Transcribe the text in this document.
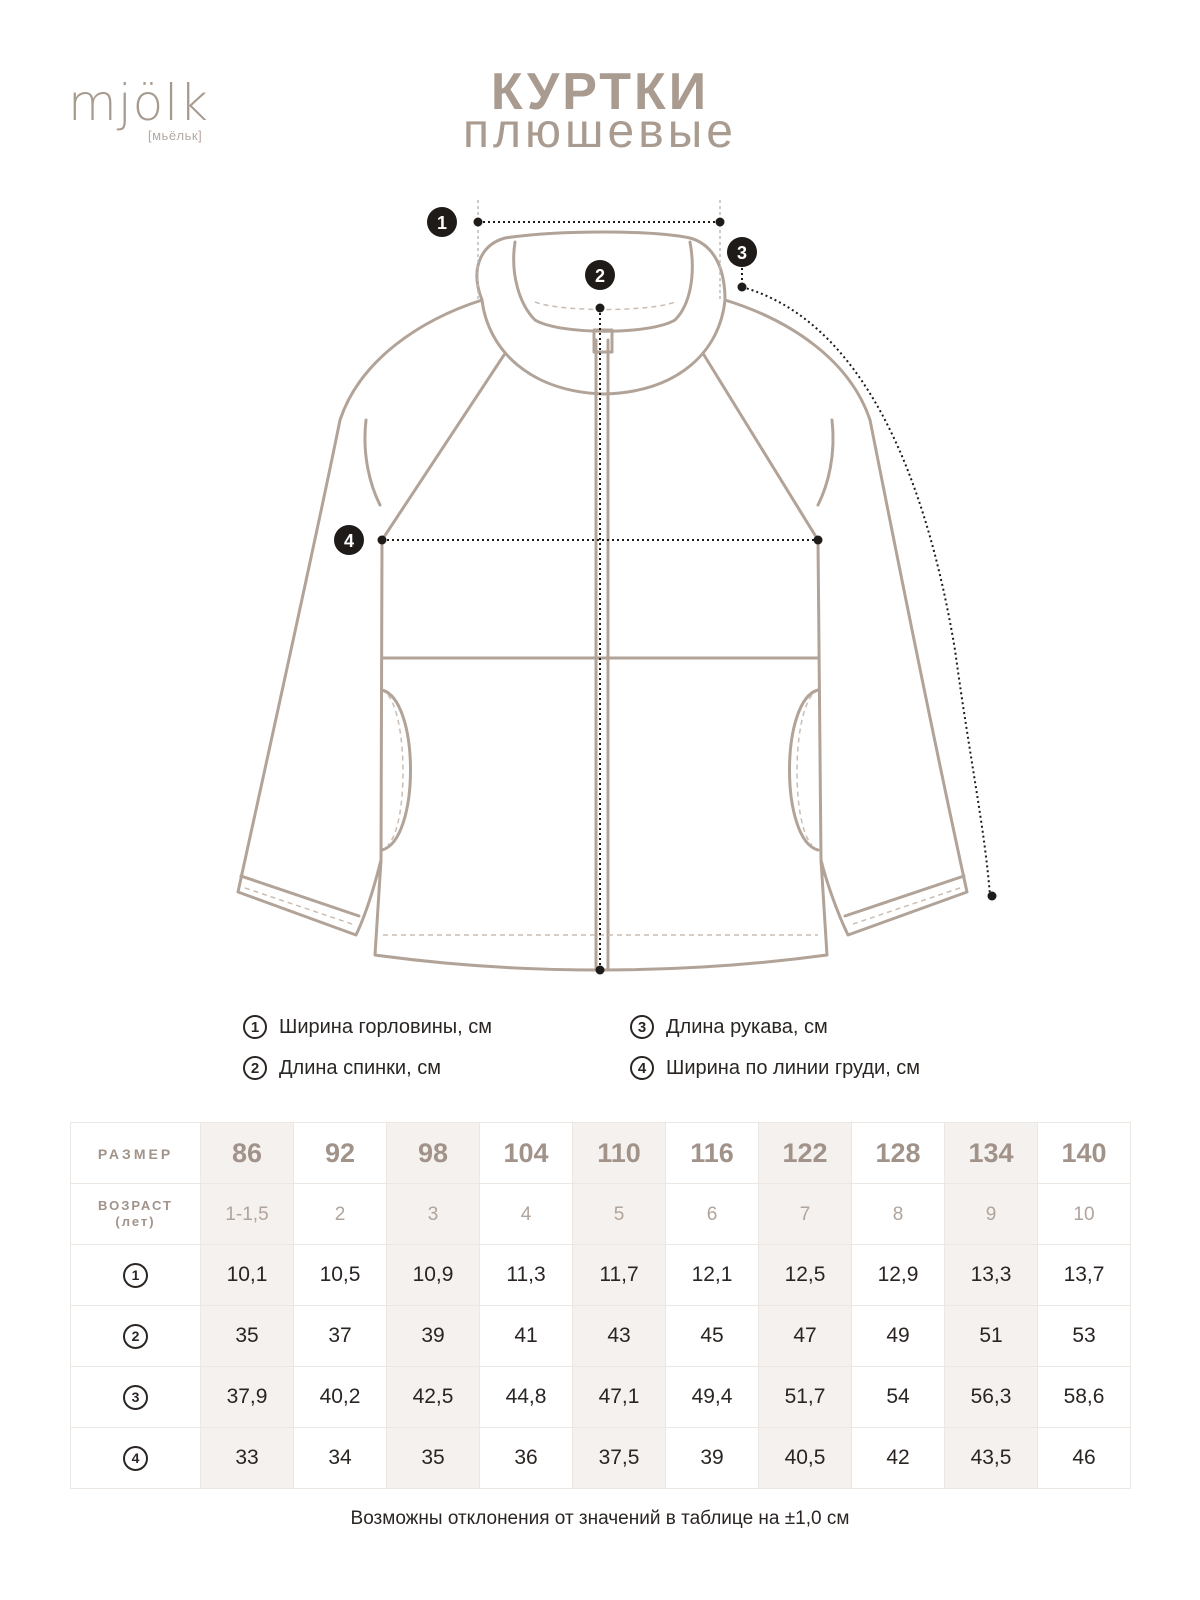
mjölk
[мьёльк]
КУРТКИ
плюшевые
1
2
3
4
1 Ширина горловины, см
2 Длина спинки, см
3 Длина рукава, см
4 Ширина по линии груди, см
РАЗМЕР	86	92	98	104	110	116	122	128	134	140

ВОЗРАСТ
(лет)	1-1,5	2	3	4	5	6	7	8	9	10
1	10,1	10,5	10,9	11,3	11,7	12,1	12,5	12,9	13,3	13,7
2	35	37	39	41	43	45	47	49	51	53
3	37,9	40,2	42,5	44,8	47,1	49,4	51,7	54	56,3	58,6
4	33	34	35	36	37,5	39	40,5	42	43,5	46
Возможны отклонения от значений в таблице на ±1,0 см
